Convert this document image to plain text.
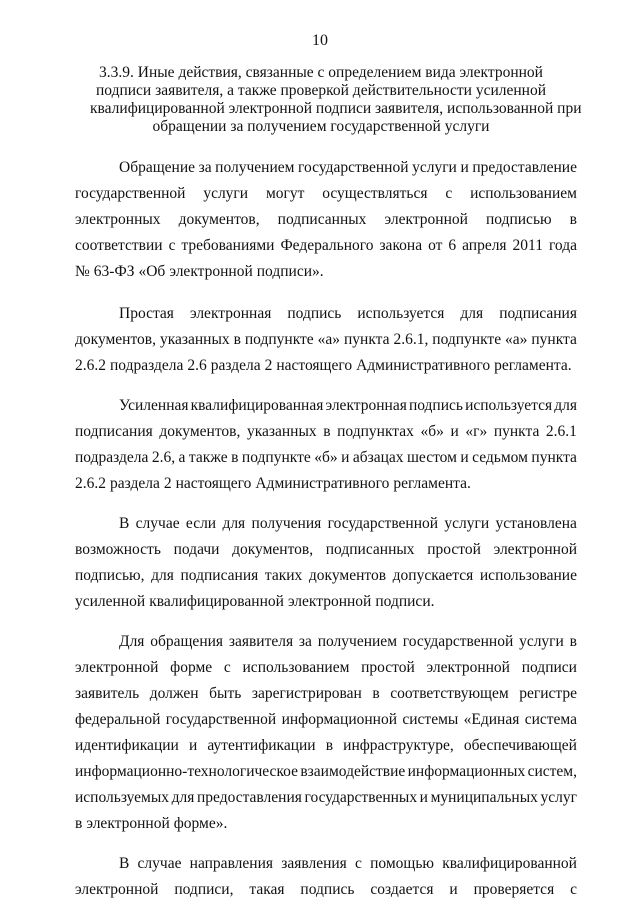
10
3.3.9. Иные действия, связанные с определением вида электронной
подписи заявителя, а также проверкой действительности усиленной
квалифицированной электронной подписи заявителя, использованной при
обращении за получением государственной услуги
Обращение за получением государственной услуги и предоставление
государственной услуги могут осуществляться с использованием
электронных документов, подписанных электронной подписью в
соответствии с требованиями Федерального закона от 6 апреля 2011 года
№ 63-ФЗ «Об электронной подписи».
Простая электронная подпись используется для подписания
документов, указанных в подпункте «а» пункта 2.6.1, подпункте «а» пункта
2.6.2 подраздела 2.6 раздела 2 настоящего Административного регламента.
Усиленная квалифицированная электронная подпись используется для
подписания документов, указанных в подпунктах «б» и «г» пункта 2.6.1
подраздела 2.6, а также в подпункте «б» и абзацах шестом и седьмом пункта
2.6.2 раздела 2 настоящего Административного регламента.
В случае если для получения государственной услуги установлена
возможность подачи документов, подписанных простой электронной
подписью, для подписания таких документов допускается использование
усиленной квалифицированной электронной подписи.
Для обращения заявителя за получением государственной услуги в
электронной форме с использованием простой электронной подписи
заявитель должен быть зарегистрирован в соответствующем регистре
федеральной государственной информационной системы «Единая система
идентификации и аутентификации в инфраструктуре, обеспечивающей
информационно-технологическое взаимодействие информационных систем,
используемых для предоставления государственных и муниципальных услуг
в электронной форме».
В случае направления заявления с помощью квалифицированной
электронной подписи, такая подпись создается и проверяется с
